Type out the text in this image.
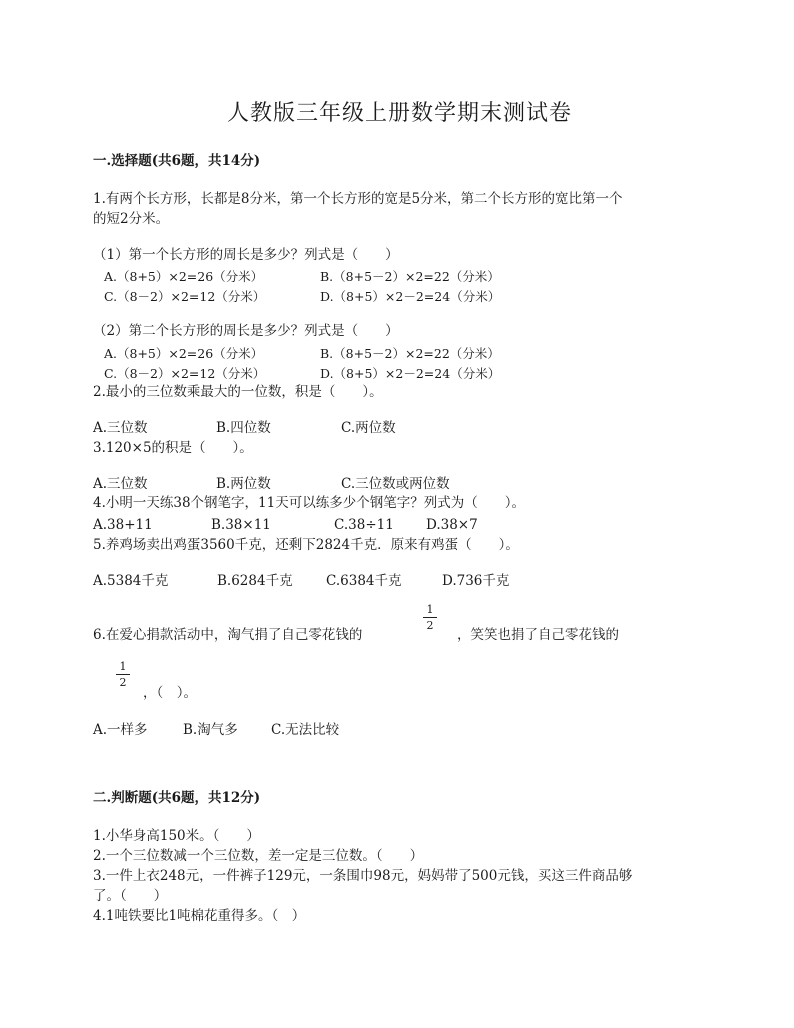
人教版三年级上册数学期末测试卷
一.选择题(共6题，共14分)
1.有两个长方形，长都是8分米，第一个长方形的宽是5分米，第二个长方形的宽比第一个
的短2分米。
（1）第一个长方形的周长是多少？列式是（　　）
A.（8+5）×2=26（分米）	B.（8+5－2）×2=22（分米）
C.（8－2）×2=12（分米）	D.（8+5）×2－2=24（分米）
（2）第二个长方形的周长是多少？列式是（　　）
A.（8+5）×2=26（分米）	B.（8+5－2）×2=22（分米）
C.（8－2）×2=12（分米）	D.（8+5）×2－2=24（分米）
2.最小的三位数乘最大的一位数，积是（　　）。
A.三位数	B.四位数	C.两位数
3.120×5的积是（　　）。
A.三位数	B.两位数	C.三位数或两位数
4.小明一天练38个钢笔字，11天可以练多少个钢笔字？列式为（　　）。
A.38+11	B.38×11	C.38÷11 D.38×7
5.养鸡场卖出鸡蛋3560千克，还剩下2824千克．原来有鸡蛋（　　）。
A.5384千克	B.6284千克 C.6384千克	D.736千克
1
2
6.在爱心捐款活动中，淘气捐了自己零花钱的	，笑笑也捐了自己零花钱的
1
2
，（　）。
A.一样多	B.淘气多 C.无法比较
二.判断题(共6题，共12分)
1.小华身高150米。（　　）
2.一个三位数减一个三位数，差一定是三位数。（　　）
3.一件上衣248元，一件裤子129元，一条围巾98元，妈妈带了500元钱，买这三件商品够
了。（　　）
4.1吨铁要比1吨棉花重得多。（　）
